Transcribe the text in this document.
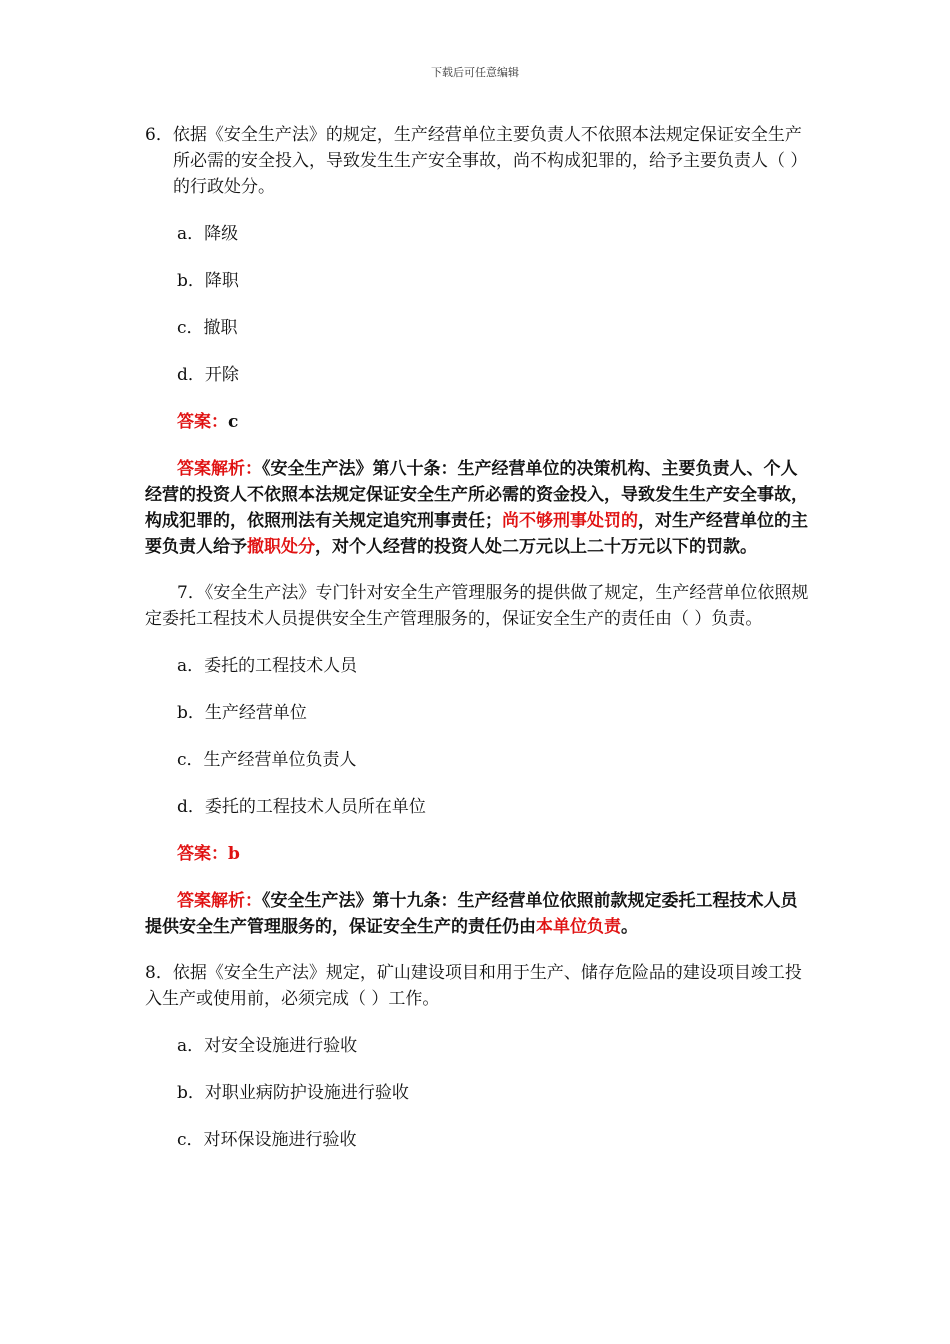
下载后可任意编辑

6．依据《安全生产法》的规定，生产经营单位主要负责人不依照本法规定保证安全生产所必需的安全投入，导致发生生产安全事故，尚不构成犯罪的，给予主要负责人（ ）的行政处分。

a．降级

b．降职

c．撤职

d．开除

答案：c

答案解析：《安全生产法》第八十条：生产经营单位的决策机构、主要负责人、个人经营的投资人不依照本法规定保证安全生产所必需的资金投入，导致发生生产安全事故，构成犯罪的，依照刑法有关规定追究刑事责任；尚不够刑事处罚的，对生产经营单位的主要负责人给予撤职处分，对个人经营的投资人处二万元以上二十万元以下的罚款。

7．《安全生产法》专门针对安全生产管理服务的提供做了规定，生产经营单位依照规定委托工程技术人员提供安全生产管理服务的，保证安全生产的责任由（ ）负责。

a．委托的工程技术人员

b．生产经营单位

c．生产经营单位负责人

d．委托的工程技术人员所在单位

答案：b

答案解析：《安全生产法》第十九条：生产经营单位依照前款规定委托工程技术人员提供安全生产管理服务的，保证安全生产的责任仍由本单位负责。

8．依据《安全生产法》规定，矿山建设项目和用于生产、储存危险品的建设项目竣工投入生产或使用前，必须完成（ ）工作。

a．对安全设施进行验收

b．对职业病防护设施进行验收

c．对环保设施进行验收
